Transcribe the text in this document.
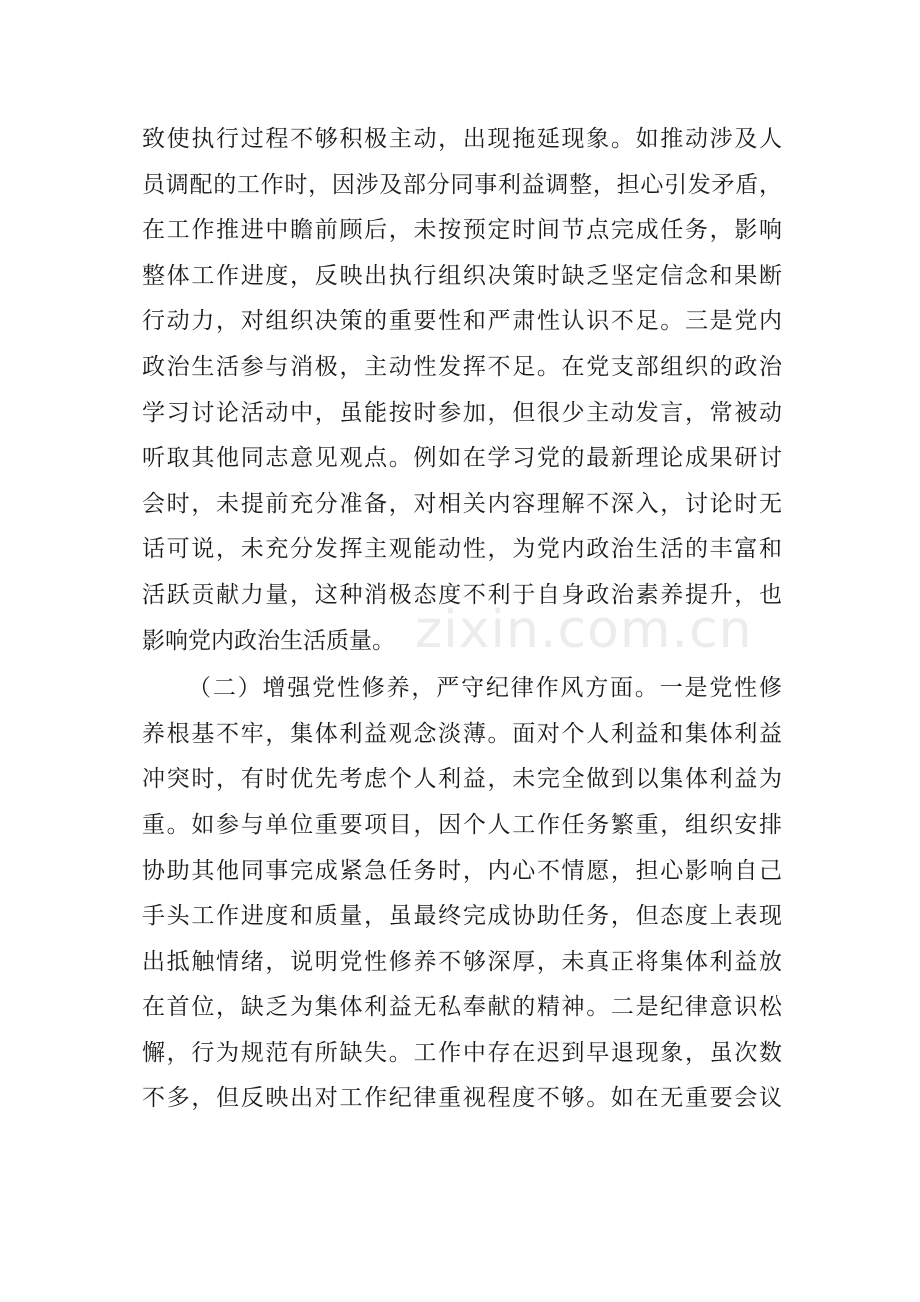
致使执行过程不够积极主动，出现拖延现象。如推动涉及人
员调配的工作时，因涉及部分同事利益调整，担心引发矛盾，
在工作推进中瞻前顾后，未按预定时间节点完成任务，影响
整体工作进度，反映出执行组织决策时缺乏坚定信念和果断
行动力，对组织决策的重要性和严肃性认识不足。三是党内
政治生活参与消极，主动性发挥不足。在党支部组织的政治
学习讨论活动中，虽能按时参加，但很少主动发言，常被动
听取其他同志意见观点。例如在学习党的最新理论成果研讨
会时，未提前充分准备，对相关内容理解不深入，讨论时无
话可说，未充分发挥主观能动性，为党内政治生活的丰富和
活跃贡献力量，这种消极态度不利于自身政治素养提升，也
影响党内政治生活质量。
（二）增强党性修养，严守纪律作风方面。一是党性修
养根基不牢，集体利益观念淡薄。面对个人利益和集体利益
冲突时，有时优先考虑个人利益，未完全做到以集体利益为
重。如参与单位重要项目，因个人工作任务繁重，组织安排
协助其他同事完成紧急任务时，内心不情愿，担心影响自己
手头工作进度和质量，虽最终完成协助任务，但态度上表现
出抵触情绪，说明党性修养不够深厚，未真正将集体利益放
在首位，缺乏为集体利益无私奉献的精神。二是纪律意识松
懈，行为规范有所缺失。工作中存在迟到早退现象，虽次数
不多，但反映出对工作纪律重视程度不够。如在无重要会议
zixin.com.cn
